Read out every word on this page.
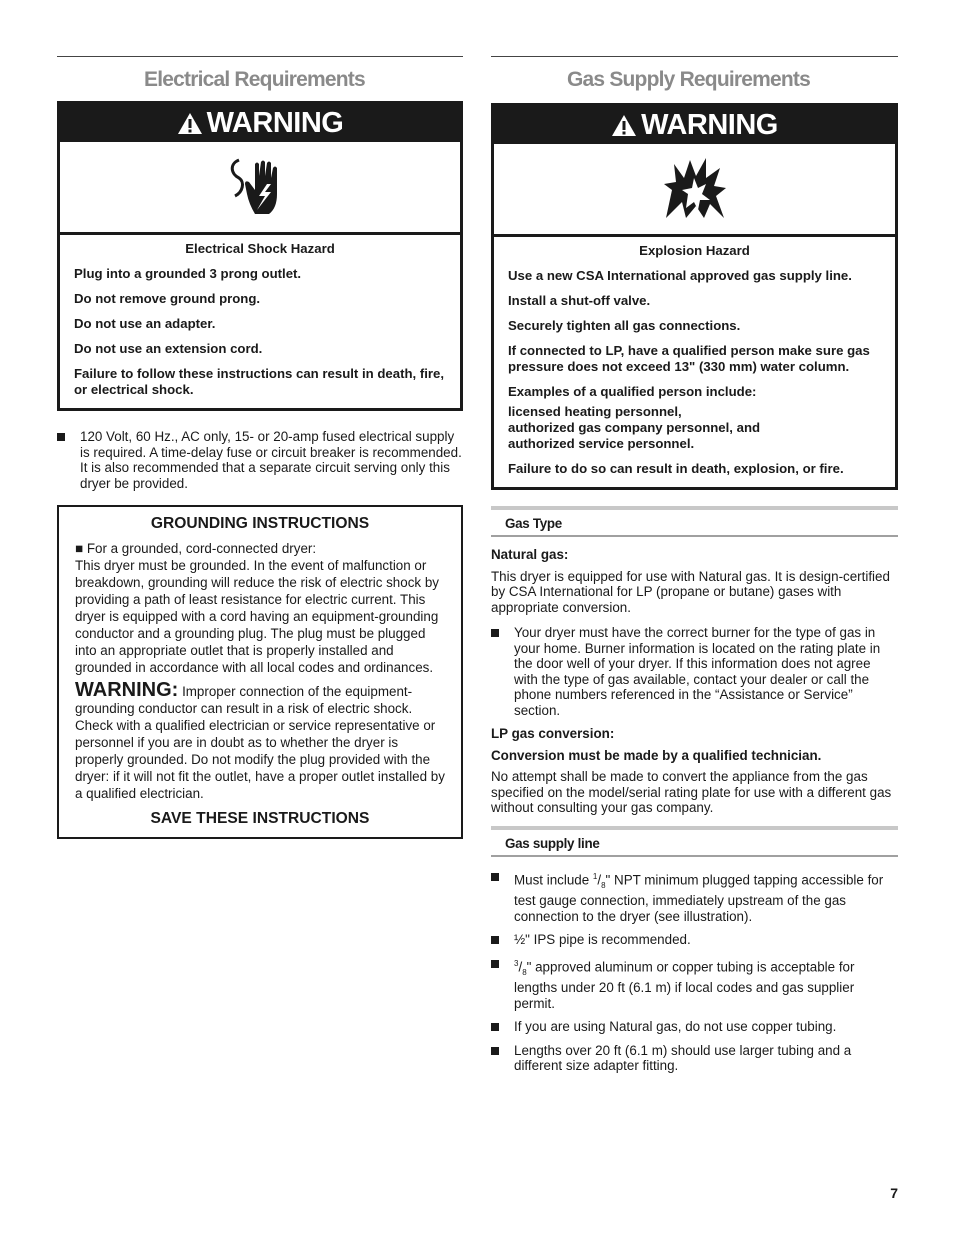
Electrical Requirements
WARNING
Electrical Shock Hazard

Plug into a grounded 3 prong outlet.

Do not remove ground prong.

Do not use an adapter.

Do not use an extension cord.

Failure to follow these instructions can result in death, fire, or electrical shock.

120 Volt, 60 Hz., AC only, 15- or 20-amp fused electrical supply is required. A time-delay fuse or circuit breaker is recommended. It is also recommended that a separate circuit serving only this dryer be provided.
GROUNDING INSTRUCTIONS
■ For a grounded, cord-connected dryer:
This dryer must be grounded. In the event of malfunction or breakdown, grounding will reduce the risk of electric shock by providing a path of least resistance for electric current. This dryer is equipped with a cord having an equipment-grounding conductor and a grounding plug. The plug must be plugged into an appropriate outlet that is properly installed and grounded in accordance with all local codes and ordinances.
WARNING: Improper connection of the equipment-grounding conductor can result in a risk of electric shock. Check with a qualified electrician or service representative or personnel if you are in doubt as to whether the dryer is properly grounded. Do not modify the plug provided with the dryer: if it will not fit the outlet, have a proper outlet installed by a qualified electrician.
SAVE THESE INSTRUCTIONS
Gas Supply Requirements
WARNING
Explosion Hazard

Use a new CSA International approved gas supply line.

Install a shut-off valve.

Securely tighten all gas connections.

If connected to LP, have a qualified person make sure gas pressure does not exceed 13" (330 mm) water column.

Examples of a qualified person include:

licensed heating personnel,
authorized gas company personnel, and
authorized service personnel.

Failure to do so can result in death, explosion, or fire.

Gas Type

Natural gas:

This dryer is equipped for use with Natural gas. It is design-certified by CSA International for LP (propane or butane) gases with appropriate conversion.

Your dryer must have the correct burner for the type of gas in your home. Burner information is located on the rating plate in the door well of your dryer. If this information does not agree with the type of gas available, contact your dealer or call the phone numbers referenced in the “Assistance or Service” section.

LP gas conversion:

Conversion must be made by a qualified technician.

No attempt shall be made to convert the appliance from the gas specified on the model/serial rating plate for use with a different gas without consulting your gas company.

Gas supply line
Must include $^1/_8$" NPT minimum plugged tapping accessible for test gauge connection, immediately upstream of the gas connection to the dryer (see illustration).
½" IPS pipe is recommended.
$^3/_8$" approved aluminum or copper tubing is acceptable for lengths under 20 ft (6.1 m) if local codes and gas supplier permit.
If you are using Natural gas, do not use copper tubing.
Lengths over 20 ft (6.1 m) should use larger tubing and a different size adapter fitting.
7
